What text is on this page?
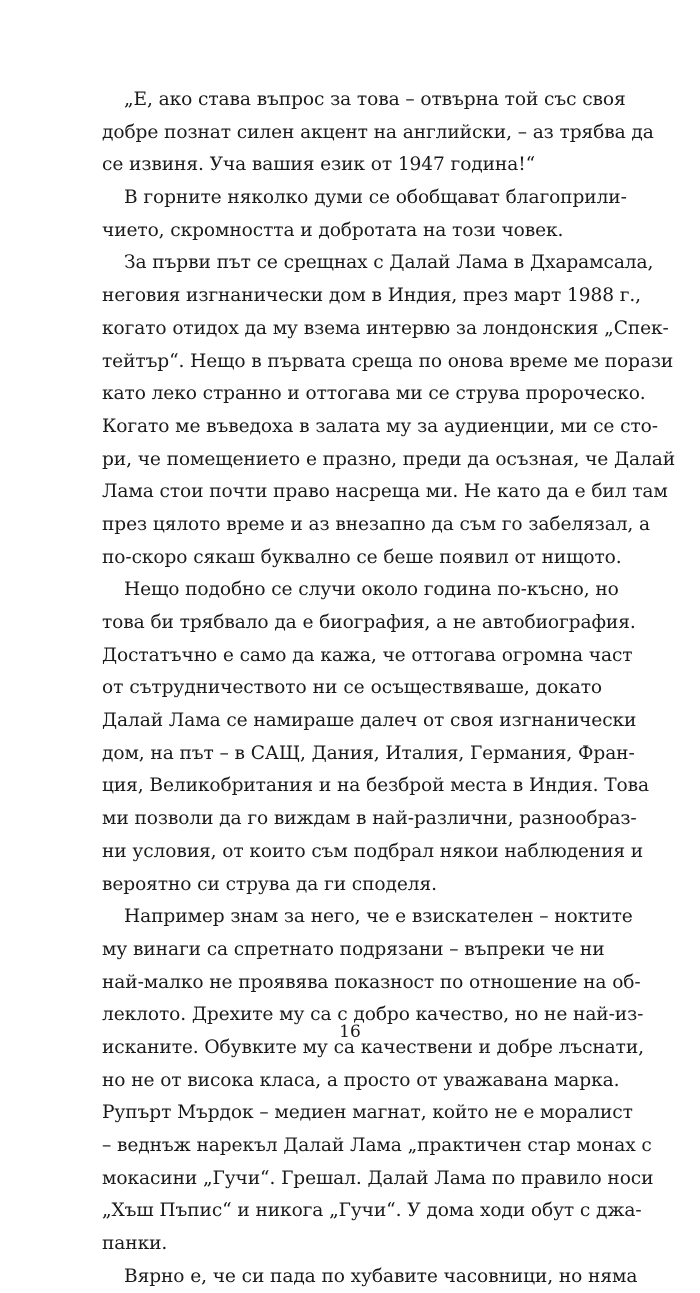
„Е, ако става въпрос за това – отвърна той със своя
добре познат силен акцент на английски, – аз трябва да
се извиня. Уча вашия език от 1947 година!“
В горните няколко думи се обобщават благоприли-
чието, скромността и добротата на този човек.
За първи път се срещнах с Далай Лама в Дхарамсала,
неговия изгнанически дом в Индия, през март 1988 г.,
когато отидох да му взема интервю за лондонския „Спек-
тейтър“. Нещо в първата среща по онова време ме порази
като леко странно и оттогава ми се струва пророческо.
Когато ме въведоха в залата му за аудиенции, ми се сто-
ри, че помещението е празно, преди да осъзная, че Далай
Лама стои почти право насреща ми. Не като да е бил там
през цялото време и аз внезапно да съм го забелязал, а
по-скоро сякаш буквално се беше появил от нищото.
Нещо подобно се случи около година по-късно, но
това би трябвало да е биография, а не автобиография.
Достатъчно е само да кажа, че оттогава огромна част
от сътрудничеството ни се осъществяваше, докато
Далай Лама се намираше далеч от своя изгнанически
дом, на път – в САЩ, Дания, Италия, Германия, Фран-
ция, Великобритания и на безброй места в Индия. Това
ми позволи да го виждам в най-различни, разнообраз-
ни условия, от които съм подбрал някои наблюдения и
вероятно си струва да ги споделя.
Например знам за него, че е взискателен – ноктите
му винаги са спретнато подрязани – въпреки че ни
най-малко не проявява показност по отношение на об-
леклото. Дрехите му са с добро качество, но не най-из-
исканите. Обувките му са качествени и добре лъснати,
но не от висока класа, а просто от уважавана марка.
Рупърт Мърдок – медиен магнат, който не е моралист
– веднъж нарекъл Далай Лама „практичен стар монах с
мокасини „Гучи“. Грешал. Далай Лама по правило носи
„Хъш Пъпис“ и никога „Гучи“. У дома ходи обут с джа-
панки.
Вярно е, че си пада по хубавите часовници, но няма
16
